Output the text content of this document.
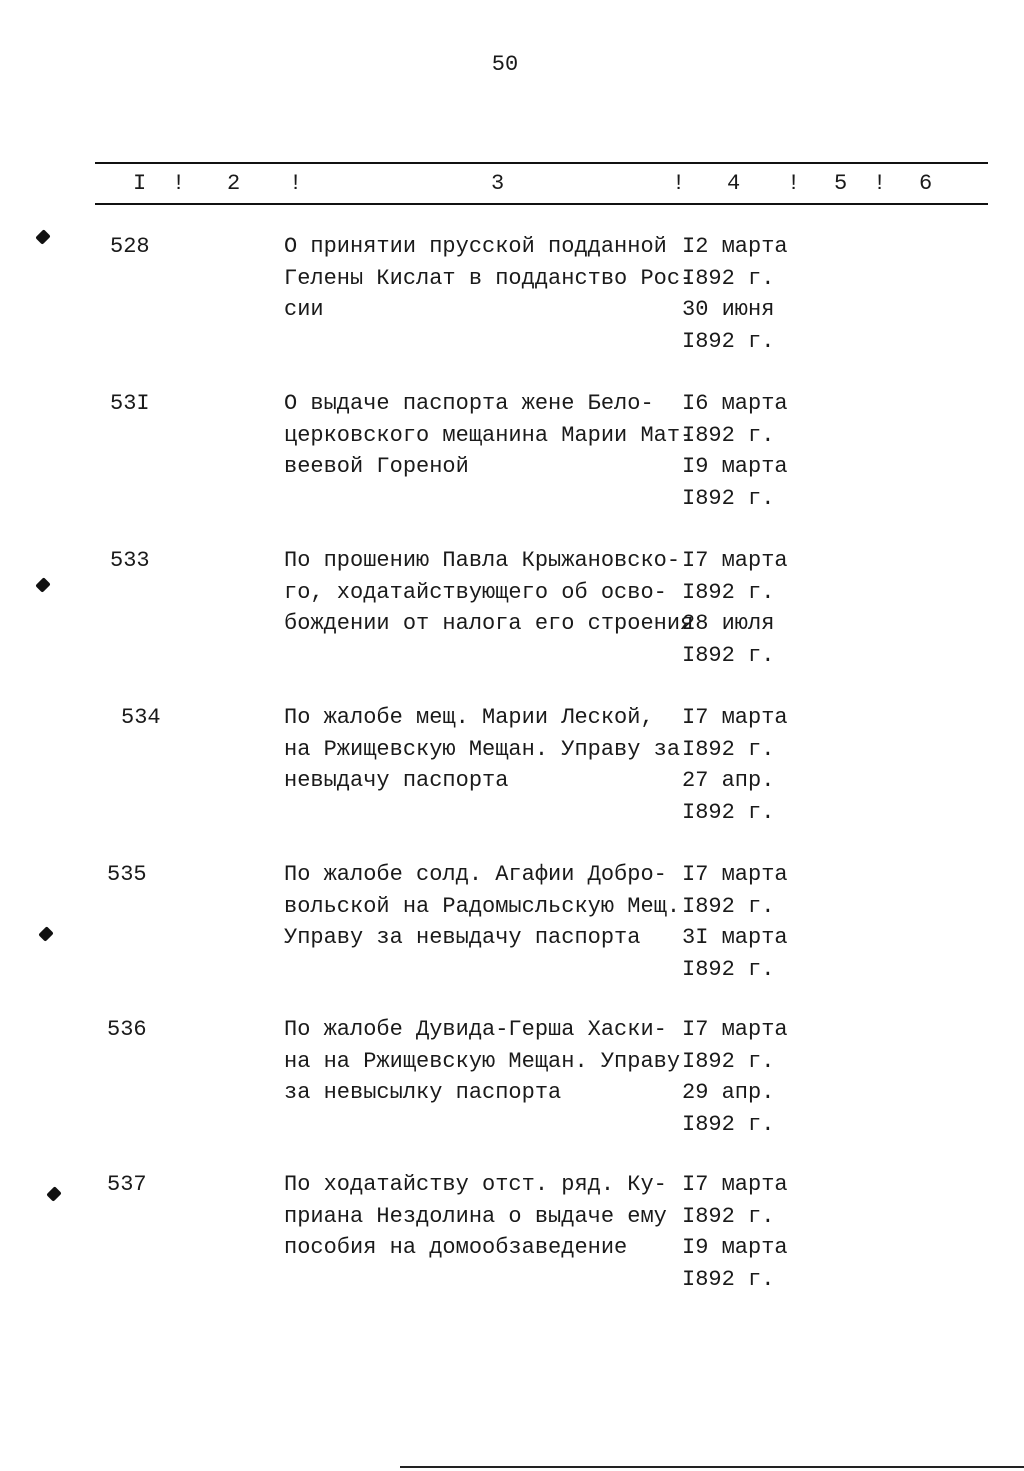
50
I ! 2 !	3	! 4 ! 5 ! 6
528	О принятии прусской подданной
Гелены Кислат в подданство Рос-
сии
I2 марта
I892 г.
30 июня
I892 г.
53I	О выдаче паспорта жене Бело-
церковского мещанина Марии Мат-
веевой Гореной
I6 марта
I892 г.
I9 марта
I892 г.
533	По прошению Павла Крыжановско-
го, ходатайствующего об осво-
бождении от налога его строения
I7 марта
I892 г.
28 июля
I892 г.
534	По жалобе мещ. Марии Леской,
на Ржищевскую Мещан. Управу за
невыдачу паспорта
I7 марта
I892 г.
27 апр.
I892 г.
535	По жалобе солд. Агафии Добро-
вольской на Радомысльскую Мещ.
Управу за невыдачу паспорта
I7 марта
I892 г.
3I марта
I892 г.
536	По жалобе Дувида-Герша Хаски-
на на Ржищевскую Мещан. Управу
за невысылку паспорта
I7 марта
I892 г.
29 апр.
I892 г.
537	По ходатайству отст. ряд. Ку-
приана Нездолина о выдаче ему
пособия на домообзаведение
I7 марта
I892 г.
I9 марта
I892 г.
